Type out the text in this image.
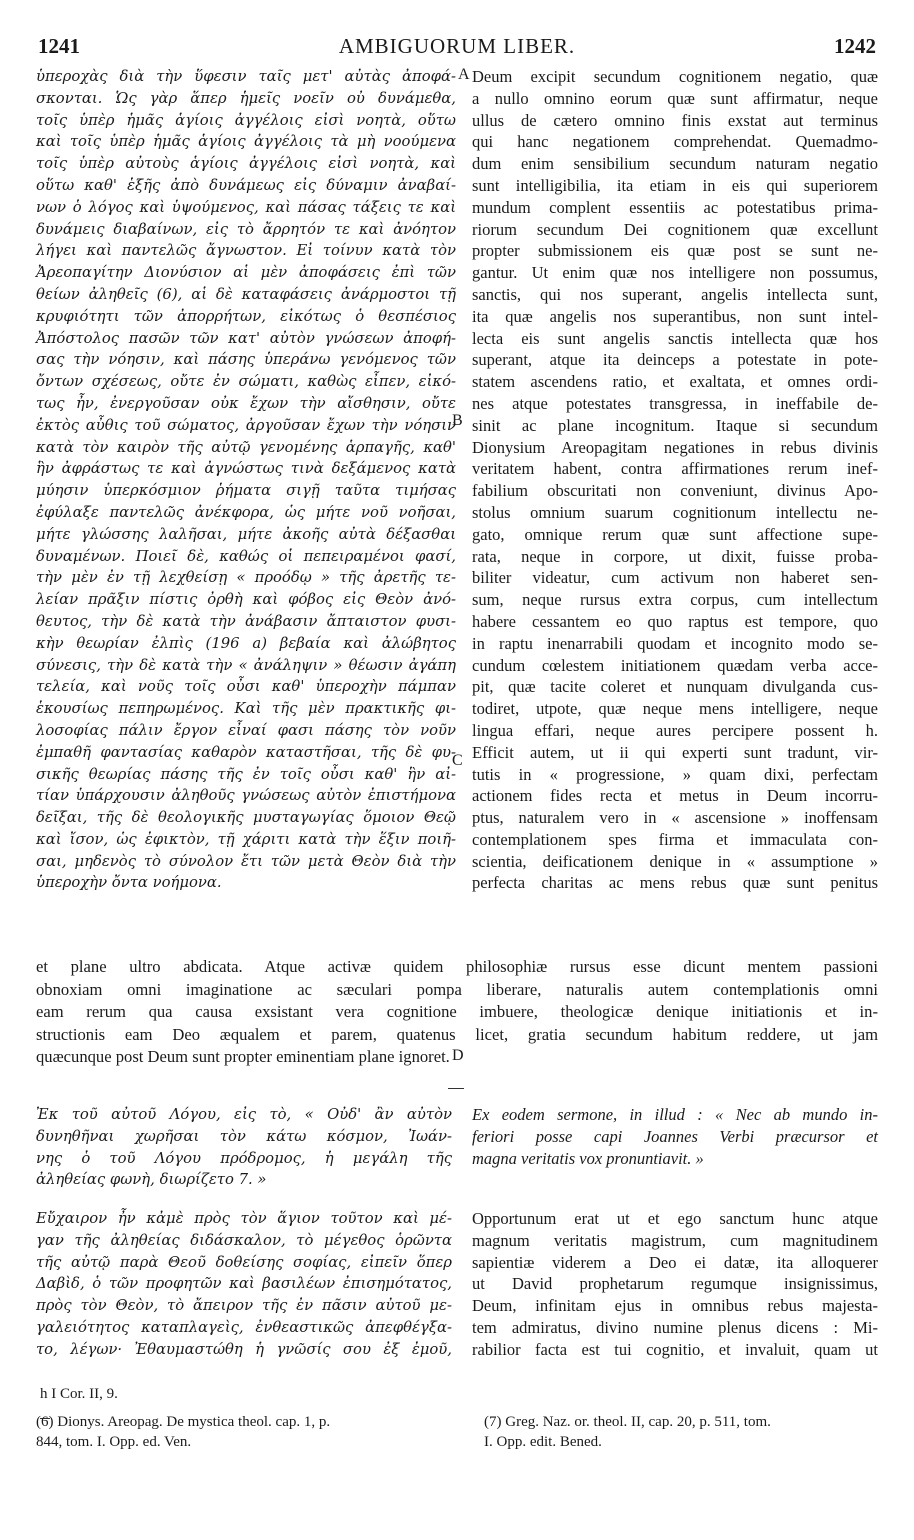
1241	AMBIGUORUM LIBER.	1242
ὑπεροχὰς διὰ τὴν ὕφεσιν ταῖς μετ' αὐτὰς ἀποφά-
σκονται. Ὡς γὰρ ἅπερ ἡμεῖς νοεῖν οὐ δυνάμεθα,
τοῖς ὑπὲρ ἡμᾶς ἁγίοις ἀγγέλοις εἰσὶ νοητὰ, οὕτω
καὶ τοῖς ὑπὲρ ἡμᾶς ἁγίοις ἀγγέλοις τὰ μὴ νοούμενα
τοῖς ὑπὲρ αὐτοὺς ἁγίοις ἀγγέλοις εἰσὶ νοητὰ, καὶ
οὕτω καθ' ἑξῆς ἀπὸ δυνάμεως εἰς δύναμιν ἀναβαί-
νων ὁ λόγος καὶ ὑψούμενος, καὶ πάσας τάξεις τε καὶ
δυνάμεις διαβαίνων, εἰς τὸ ἄρρητόν τε καὶ ἀνόητον
λήγει καὶ παντελῶς ἄγνωστον. Εἰ τοίνυν κατὰ τὸν
Ἀρεοπαγίτην Διονύσιον αἱ μὲν ἀποφάσεις ἐπὶ τῶν
θείων ἀληθεῖς (6), αἱ δὲ καταφάσεις ἀνάρμοστοι τῇ
κρυφιότητι τῶν ἀπορρήτων, εἰκότως ὁ θεσπέσιος
Ἀπόστολος πασῶν τῶν κατ' αὐτὸν γνώσεων ἀποφή-
σας τὴν νόησιν, καὶ πάσης ὑπεράνω γενόμενος τῶν
ὄντων σχέσεως, οὔτε ἐν σώματι, καθὼς εἶπεν, εἰκό-
τως ἦν, ἐνεργοῦσαν οὐκ ἔχων τὴν αἴσθησιν, οὔτε
ἐκτὸς αὖθις τοῦ σώματος, ἀργοῦσαν ἔχων τὴν νόησιν
κατὰ τὸν καιρὸν τῆς αὐτῷ γενομένης ἁρπαγῆς, καθ'
ἣν ἀφράστως τε καὶ ἀγνώστως τινὰ δεξάμενος κατὰ
μύησιν ὑπερκόσμιον ῥήματα σιγῇ ταῦτα τιμήσας
ἐφύλαξε παντελῶς ἀνέκφορα, ὡς μήτε νοῦ νοῆσαι,
μήτε γλώσσης λαλῆσαι, μήτε ἀκοῆς αὐτὰ δέξασθαι
δυναμένων. Ποιεῖ δὲ, καθώς οἱ πεπειραμένοι φασί,
τὴν μὲν ἐν τῇ λεχθείσῃ « προόδῳ » τῆς ἀρετῆς τε-
λείαν πρᾶξιν πίστις ὀρθὴ καὶ φόβος εἰς Θεὸν ἀνό-
θευτος, τὴν δὲ κατὰ τὴν ἀνάβασιν ἄπταιστον φυσι-
κὴν θεωρίαν ἐλπὶς (196 a) βεβαία καὶ ἀλώβητος
σύνεσις, τὴν δὲ κατὰ τὴν « ἀνάληψιν » θέωσιν ἀγάπη
τελεία, καὶ νοῦς τοῖς οὖσι καθ' ὑπεροχὴν πάμπαν
ἑκουσίως πεπηρωμένος. Καὶ τῆς μὲν πρακτικῆς φι-
λοσοφίας πάλιν ἔργον εἶναί φασι πάσης τὸν νοῦν
ἐμπαθῆ φαντασίας καθαρὸν καταστῆσαι, τῆς δὲ φυ-
σικῆς θεωρίας πάσης τῆς ἐν τοῖς οὖσι καθ' ἣν αἰ-
τίαν ὑπάρχουσιν ἀληθοῦς γνώσεως αὐτὸν ἐπιστήμονα
δεῖξαι, τῆς δὲ θεολογικῆς μυσταγωγίας ὅμοιον Θεῷ
καὶ ἴσον, ὡς ἐφικτὸν, τῇ χάριτι κατὰ τὴν ἕξιν ποιῆ-
σαι, μηδενὸς τὸ σύνολον ἔτι τῶν μετὰ Θεὸν διὰ τὴν
ὑπεροχὴν ὄντα νοήμονα.
Deum excipit secundum cognitionem negatio, quæ
a nullo omnino eorum quæ sunt affirmatur, neque
ullus de cætero omnino finis exstat aut terminus
qui hanc negationem comprehendat. Quemadmo-
dum enim sensibilium secundum naturam negatio
sunt intelligibilia, ita etiam in eis qui superiorem
mundum complent essentiis ac potestatibus prima-
riorum secundum Dei cognitionem quæ excellunt
propter submissionem eis quæ post se sunt ne-
gantur. Ut enim quæ nos intelligere non possumus,
sanctis, qui nos superant, angelis intellecta sunt,
ita quæ angelis nos superantibus, non sunt intel-
lecta eis sunt angelis sanctis intellecta quæ hos
superant, atque ita deinceps a potestate in pote-
statem ascendens ratio, et exaltata, et omnes ordi-
nes atque potestates transgressa, in ineffabile de-
sinit ac plane incognitum. Itaque si secundum
Dionysium Areopagitam negationes in rebus divinis
veritatem habent, contra affirmationes rerum inef-
fabilium obscuritati non conveniunt, divinus Apo-
stolus omnium suarum cognitionum intellectu ne-
gato, omnique rerum quæ sunt affectione supe-
rata, neque in corpore, ut dixit, fuisse proba-
biliter videatur, cum activum non haberet sen-
sum, neque rursus extra corpus, cum intellectum
habere cessantem eo quo raptus est tempore, quo
in raptu inenarrabili quodam et incognito modo se-
cundum cœlestem initiationem quædam verba acce-
pit, quæ tacite coleret et nunquam divulganda cus-
todiret, utpote, quæ neque mens intelligere, neque
lingua effari, neque aures percipere possent h.
Efficit autem, ut ii qui experti sunt tradunt, vir-
tutis in « progressione, » quam dixi, perfectam
actionem fides recta et metus in Deum incorru-
ptus, naturalem vero in « ascensione » inoffensam
contemplationem spes firma et immaculata con-
scientia, deificationem denique in « assumptione »
perfecta charitas ac mens rebus quæ sunt penitus
A
B
C
D
et plane ultro abdicata. Atque activæ quidem philosophiæ rursus esse dicunt mentem passioni
obnoxiam omni imaginatione ac sæculari pompa liberare, naturalis autem contemplationis omni
eam rerum qua causa exsistant vera cognitione imbuere, theologicæ denique initiationis et in-
structionis eam Deo æqualem et parem, quatenus licet, gratia secundum habitum reddere, ut jam
quæcunque post Deum sunt propter eminentiam plane ignoret.
Ἐκ τοῦ αὐτοῦ Λόγου, εἰς τὸ, « Οὐδ' ἂν αὐτὸν
δυνηθῆναι χωρῆσαι τὸν κάτω κόσμον, Ἰωάν-
νης ὁ τοῦ Λόγου πρόδρομος, ἡ μεγάλη τῆς
ἀληθείας φωνὴ, διωρίζετο 7. »
Ex eodem sermone, in illud : « Nec ab mundo in-
feriori posse capi Joannes Verbi præcursor et
magna veritatis vox pronuntiavit. »
Εὔχαιρον ἦν κἀμὲ πρὸς τὸν ἅγιον τοῦτον καὶ μέ-
γαν τῆς ἀληθείας διδάσκαλον, τὸ μέγεθος ὁρῶντα
τῆς αὐτῷ παρὰ Θεοῦ δοθείσης σοφίας, εἰπεῖν ὅπερ
Δαβὶδ, ὁ τῶν προφητῶν καὶ βασιλέων ἐπισημότατος,
πρὸς τὸν Θεὸν, τὸ ἄπειρον τῆς ἐν πᾶσιν αὐτοῦ με-
γαλειότητος καταπλαγεὶς, ἐνθεαστικῶς ἀπεφθέγξα-
το, λέγων· Ἐθαυμαστώθη ἡ γνῶσίς σου ἐξ ἐμοῦ,
Opportunum erat ut et ego sanctum hunc atque
magnum veritatis magistrum, cum magnitudinem
sapientiæ viderem a Deo ei datæ, ita alloquerer
ut David prophetarum regumque insignissimus,
Deum, infinitam ejus in omnibus rebus majesta-
tem admiratus, divino numine plenus dicens : Mi-
rabilior facta est tui cognitio, et invaluit, quam ut
h I Cor. II, 9.
(6) Dionys. Areopag. De mystica theol. cap. 1, p.
844, tom. I. Opp. ed. Ven.
(7) Greg. Naz. or. theol. II, cap. 20, p. 511, tom.
I. Opp. edit. Bened.
